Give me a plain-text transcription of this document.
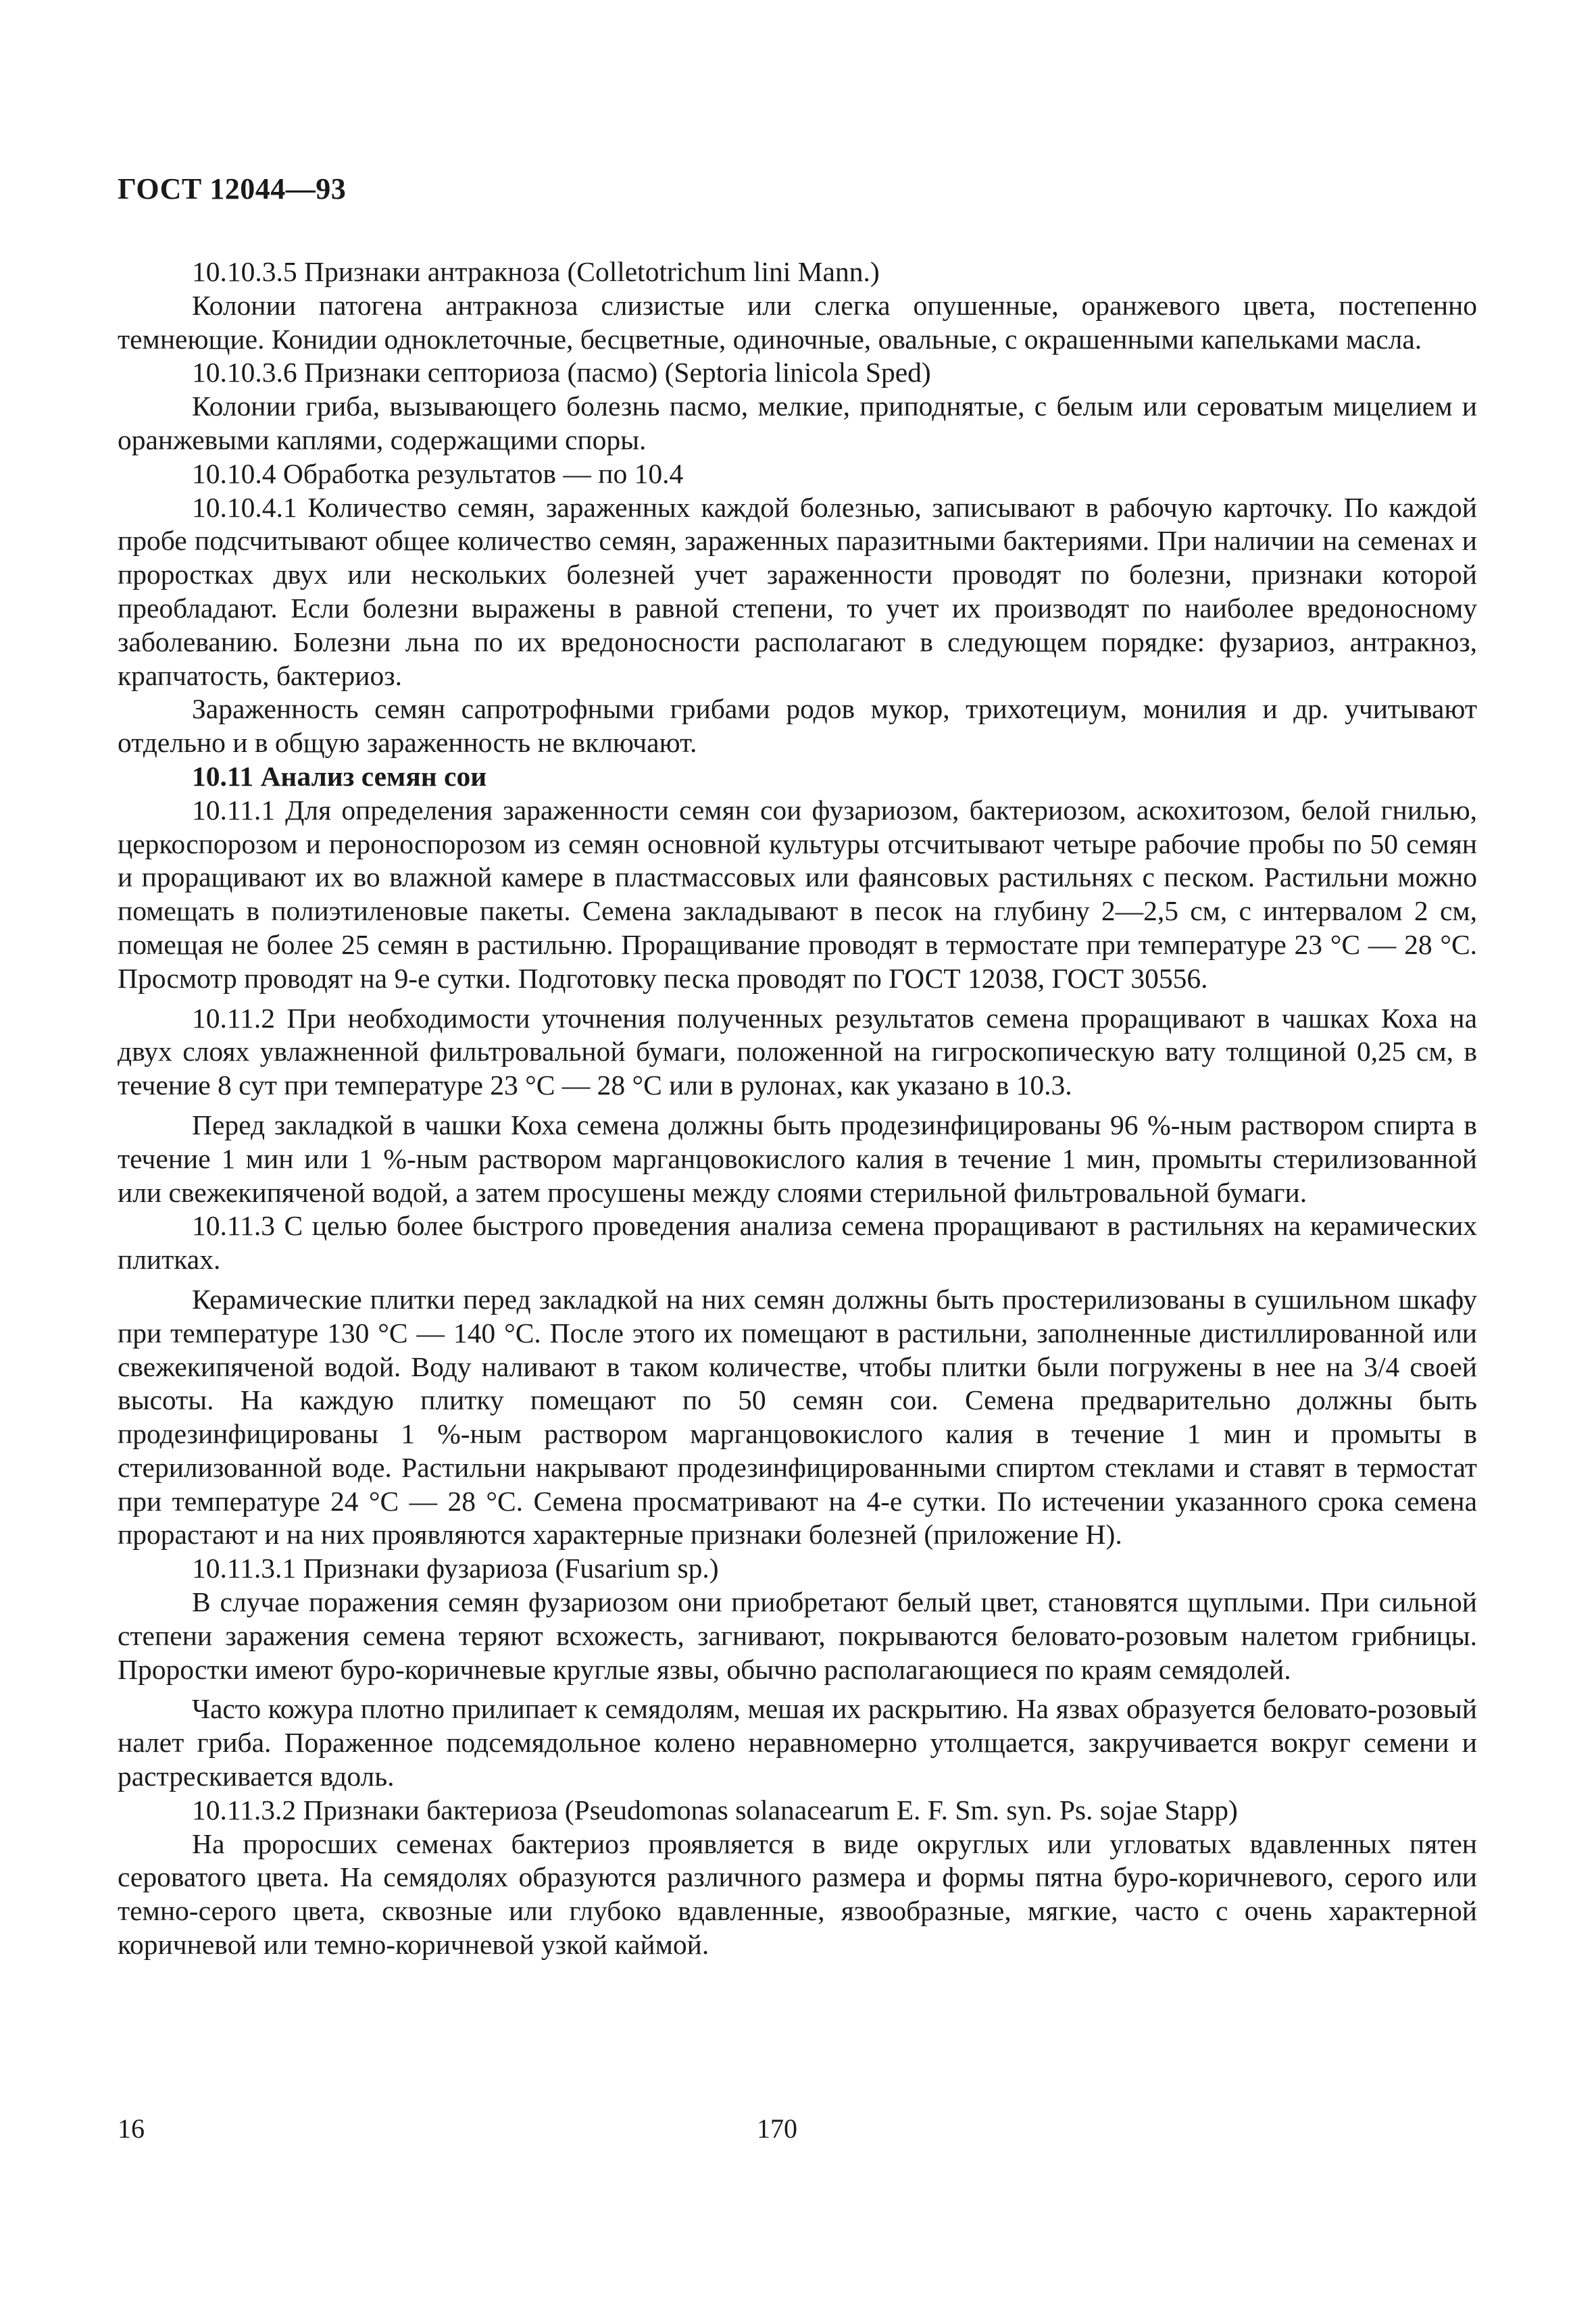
ГОСТ 12044—93

10.10.3.5 Признаки антракноза (Colletotrichum lini Mann.)

Колонии патогена антракноза слизистые или слегка опушенные, оранжевого цвета, постепенно темнеющие. Конидии одноклеточные, бесцветные, одиночные, овальные, с окрашенными капельками масла.

10.10.3.6 Признаки септориоза (пасмо) (Septoria linicola Sped)

Колонии гриба, вызывающего болезнь пасмо, мелкие, приподнятые, с белым или сероватым мицелием и оранжевыми каплями, содержащими споры.

10.10.4 Обработка результатов — по 10.4

10.10.4.1 Количество семян, зараженных каждой болезнью, записывают в рабочую карточку. По каждой пробе подсчитывают общее количество семян, зараженных паразитными бактериями. При наличии на семенах и проростках двух или нескольких болезней учет зараженности проводят по болезни, признаки которой преобладают. Если болезни выражены в равной степени, то учет их производят по наиболее вредоносному заболеванию. Болезни льна по их вредоносности располагают в следующем порядке: фузариоз, антракноз, крапчатость, бактериоз.

Зараженность семян сапротрофными грибами родов мукор, трихотециум, монилия и др. учитывают отдельно и в общую зараженность не включают.

10.11 Анализ семян сои

10.11.1 Для определения зараженности семян сои фузариозом, бактериозом, аскохитозом, белой гнилью, церкоспорозом и пероноспорозом из семян основной культуры отсчитывают четыре рабочие пробы по 50 семян и проращивают их во влажной камере в пластмассовых или фаянсовых растильнях с песком. Растильни можно помещать в полиэтиленовые пакеты. Семена закладывают в песок на глубину 2—2,5 см, с интервалом 2 см, помещая не более 25 семян в растильню. Проращивание проводят в термостате при температуре 23 °С — 28 °С. Просмотр проводят на 9-е сутки. Подготовку песка проводят по ГОСТ 12038, ГОСТ 30556.

10.11.2 При необходимости уточнения полученных результатов семена проращивают в чашках Коха на двух слоях увлажненной фильтровальной бумаги, положенной на гигроскопическую вату толщиной 0,25 см, в течение 8 сут при температуре 23 °С — 28 °С или в рулонах, как указано в 10.3.

Перед закладкой в чашки Коха семена должны быть продезинфицированы 96 %-ным раствором спирта в течение 1 мин или 1 %-ным раствором марганцовокислого калия в течение 1 мин, промыты стерилизованной или свежекипяченой водой, а затем просушены между слоями стерильной фильтровальной бумаги.

10.11.3 С целью более быстрого проведения анализа семена проращивают в растильнях на керамических плитках.

Керамические плитки перед закладкой на них семян должны быть простерилизованы в сушильном шкафу при температуре 130 °С — 140 °С. После этого их помещают в растильни, заполненные дистиллированной или свежекипяченой водой. Воду наливают в таком количестве, чтобы плитки были погружены в нее на 3/4 своей высоты. На каждую плитку помещают по 50 семян сои. Семена предварительно должны быть продезинфицированы 1 %-ным раствором марганцовокислого калия в течение 1 мин и промыты в стерилизованной воде. Растильни накрывают продезинфицированными спиртом стеклами и ставят в термостат при температуре 24 °С — 28 °С. Семена просматривают на 4-е сутки. По истечении указанного срока семена прорастают и на них проявляются характерные признаки болезней (приложение Н).

10.11.3.1 Признаки фузариоза (Fusarium sp.)

В случае поражения семян фузариозом они приобретают белый цвет, становятся щуплыми. При сильной степени заражения семена теряют всхожесть, загнивают, покрываются беловато-розовым налетом грибницы. Проростки имеют буро-коричневые круглые язвы, обычно располагающиеся по краям семядолей.

Часто кожура плотно прилипает к семядолям, мешая их раскрытию. На язвах образуется беловато-розовый налет гриба. Пораженное подсемядольное колено неравномерно утолщается, закручивается вокруг семени и растрескивается вдоль.

10.11.3.2 Признаки бактериоза (Pseudomonas solanacearum E. F. Sm. syn. Ps. sojae Stapp)

На проросших семенах бактериоз проявляется в виде округлых или угловатых вдавленных пятен сероватого цвета. На семядолях образуются различного размера и формы пятна буро-коричневого, серого или темно-серого цвета, сквозные или глубоко вдавленные, язвообразные, мягкие, часто с очень характерной коричневой или темно-коричневой узкой каймой.

16	170
